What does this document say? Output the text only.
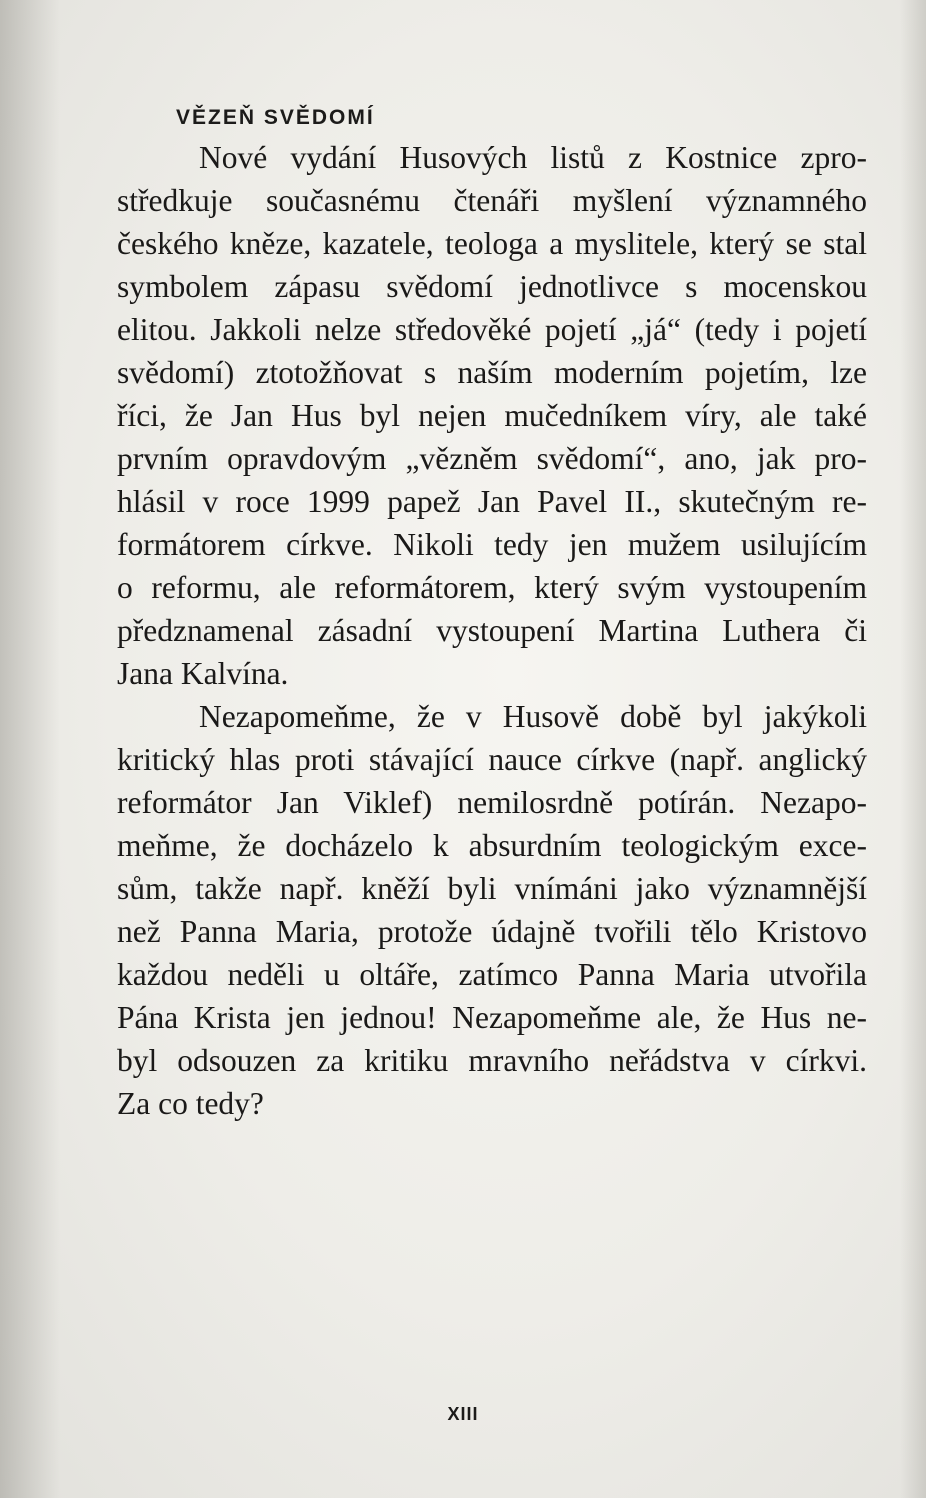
VĚZEŇ SVĚDOMÍ

Nové vydání Husových listů z Kostnice zpro-
středkuje současnému čtenáři myšlení významného
českého kněze, kazatele, teologa a myslitele, který se stal
symbolem zápasu svědomí jednotlivce s mocenskou
elitou. Jakkoli nelze středověké pojetí „já“ (tedy i pojetí
svědomí) ztotožňovat s naším moderním pojetím, lze
říci, že Jan Hus byl nejen mučedníkem víry, ale také
prvním opravdovým „vězněm svědomí“, ano, jak pro-
hlásil v roce 1999 papež Jan Pavel II., skutečným re-
formátorem církve. Nikoli tedy jen mužem usilujícím
o reformu, ale reformátorem, který svým vystoupením
předznamenal zásadní vystoupení Martina Luthera či
Jana Kalvína.

Nezapomeňme, že v Husově době byl jakýkoli
kritický hlas proti stávající nauce církve (např. anglický
reformátor Jan Viklef) nemilosrdně potírán. Nezapo-
meňme, že docházelo k absurdním teologickým exce-
sům, takže např. kněží byli vnímáni jako významnější
než Panna Maria, protože údajně tvořili tělo Kristovo
každou neděli u oltáře, zatímco Panna Maria utvořila
Pána Krista jen jednou! Nezapomeňme ale, že Hus ne-
byl odsouzen za kritiku mravního neřádstva v církvi.
Za co tedy?

XIII
